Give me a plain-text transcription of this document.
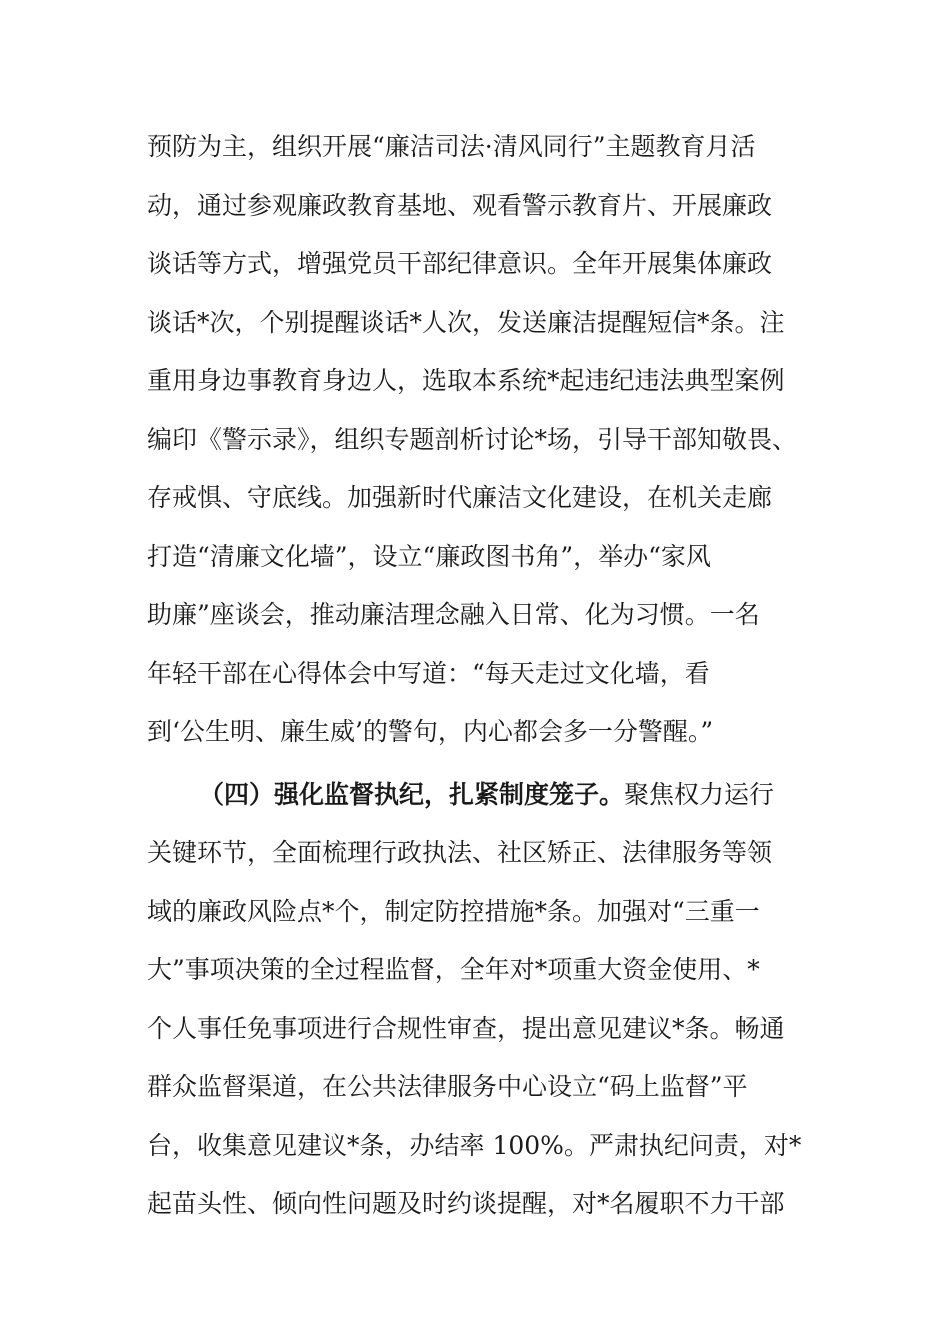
预防为主，组织开展“廉洁司法·清风同行”主题教育月活
动，通过参观廉政教育基地、观看警示教育片、开展廉政
谈话等方式，增强党员干部纪律意识。全年开展集体廉政
谈话*次，个别提醒谈话*人次，发送廉洁提醒短信*条。注
重用身边事教育身边人，选取本系统*起违纪违法典型案例
编印《警示录》，组织专题剖析讨论*场，引导干部知敬畏、
存戒惧、守底线。加强新时代廉洁文化建设，在机关走廊
打造“清廉文化墙”，设立“廉政图书角”，举办“家风
助廉”座谈会，推动廉洁理念融入日常、化为习惯。一名
年轻干部在心得体会中写道：“每天走过文化墙，看
到‘公生明、廉生威’的警句，内心都会多一分警醒。”
（四）强化监督执纪，扎紧制度笼子。聚焦权力运行
关键环节，全面梳理行政执法、社区矫正、法律服务等领
域的廉政风险点*个，制定防控措施*条。加强对“三重一
大”事项决策的全过程监督，全年对*项重大资金使用、*
个人事任免事项进行合规性审查，提出意见建议*条。畅通
群众监督渠道，在公共法律服务中心设立“码上监督”平
台，收集意见建议*条，办结率 100%。严肃执纪问责，对*
起苗头性、倾向性问题及时约谈提醒，对*名履职不力干部
